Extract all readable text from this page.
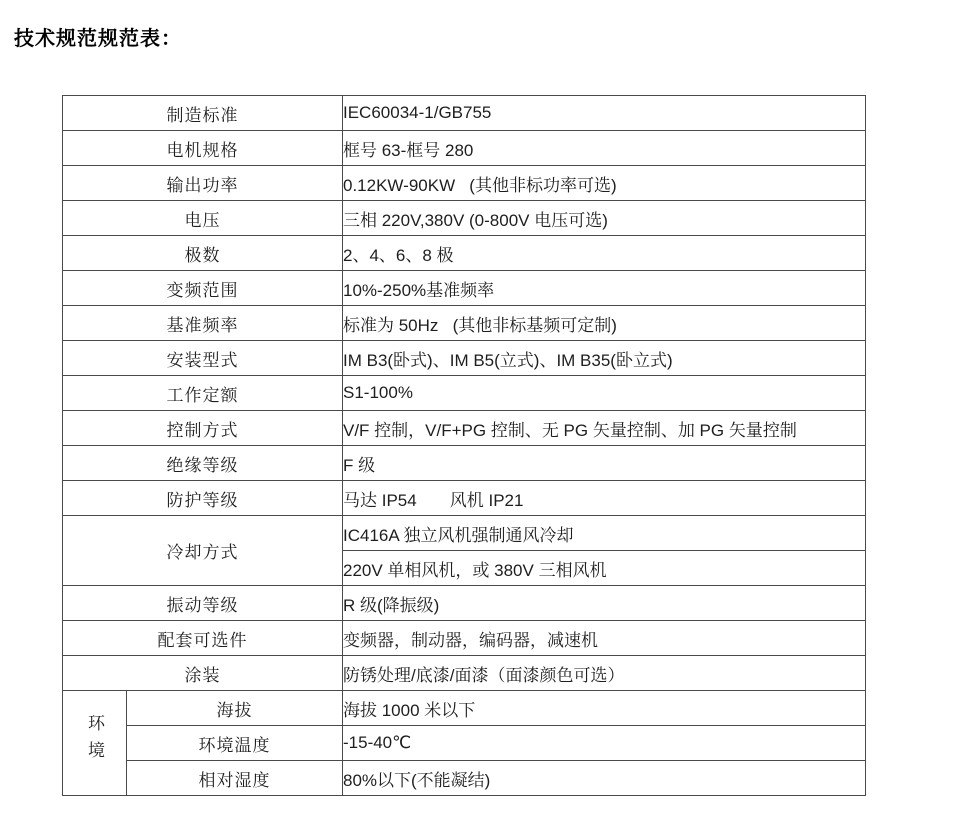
技术规范规范表：
制造标准		IEC60034-1/GB755
电机规格		框号 63-框号 280
输出功率		0.12KW-90KW   (其他非标功率可选)
电压		三相 220V,380V (0-800V 电压可选)
极数		2、4、6、8 极
变频范围		10%-250%基准频率
基准频率		标准为 50Hz   (其他非标基频可定制)
安装型式		IM B3(卧式)、IM B5(立式)、IM B35(卧立式)
工作定额		S1-100%
控制方式		V/F 控制，V/F+PG 控制、无 PG 矢量控制、加 PG 矢量控制
绝缘等级		F 级
防护等级		马达 IP54       风机 IP21
冷却方式		IC416A 独立风机强制通风冷却
		220V 单相风机，或 380V 三相风机
振动等级		R 级(降振级)
配套可选件		变频器，制动器，编码器，减速机
涂装		防锈处理/底漆/面漆（面漆颜色可选）
环境	海拔	海拔 1000 米以下
	环境温度	-15-40℃
	相对湿度	80%以下(不能凝结)
